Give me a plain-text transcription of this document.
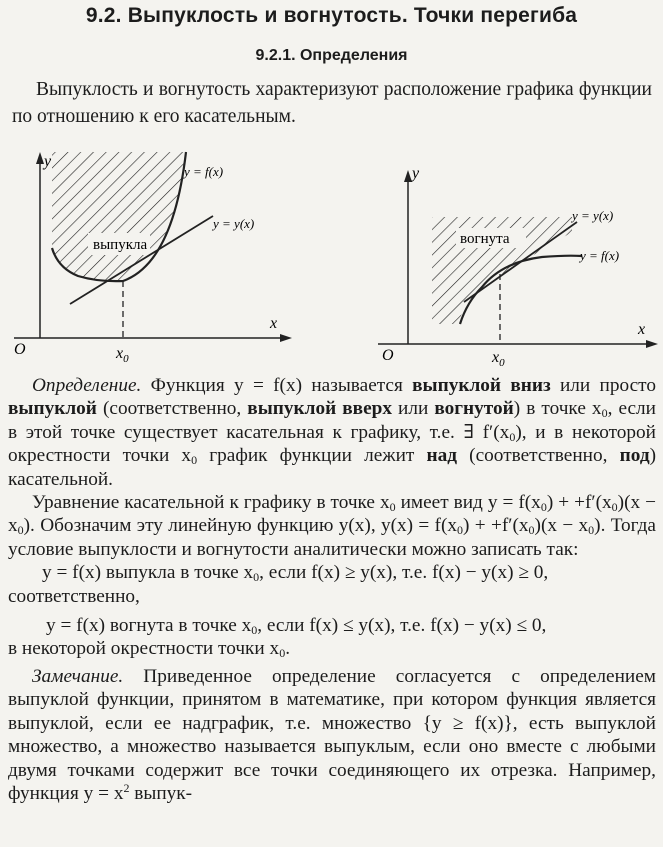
9.2. Выпуклость и вогнутость. Точки перегиба
9.2.1. Определения
Выпуклость и вогнутость характеризуют расположение графика функции по отношению к его касательным.
y
x
O
y = f(x)
y = y(x)
выпукла
$x_0$
y
x
O
y = y(x)
y = f(x)
вогнута
$x_0$

Определение. Функция y = f(x) называется выпуклой вниз или просто выпуклой (соответственно, выпуклой вверх или вогнутой) в точке $x_0$, если в этой точке существует касательная к графику, т.е. ∃ $f'(x_0)$, и в некоторой окрестности точки $x_0$ график функции лежит над (соответственно, под) касательной.

Уравнение касательной к графику в точке $x_0$ имеет вид $y = f(x_0) + +f'(x_0)(x - x_0)$. Обозначим эту линейную функцию y(x), $y(x) = f(x_0) + +f'(x_0)(x - x_0)$. Тогда условие выпуклости и вогнутости аналитически можно записать так:

y = f(x) выпукла в точке $x_0$, если f(x) ≥ y(x), т.е. f(x) − y(x) ≥ 0,

соответственно,

y = f(x) вогнута в точке $x_0$, если f(x) ≤ y(x), т.е. f(x) − y(x) ≤ 0,

в некоторой окрестности точки $x_0$.

Замечание. Приведенное определение согласуется с определением выпуклой функции, принятом в математике, при котором функция является выпуклой, если ее надграфик, т.е. множество {y ≥ f(x)}, есть выпуклой множество, а множество называется выпуклым, если оно вместе с любыми двумя точками содержит все точки соединяющего их отрезка. Например, функция $y = x^2$ выпук-
